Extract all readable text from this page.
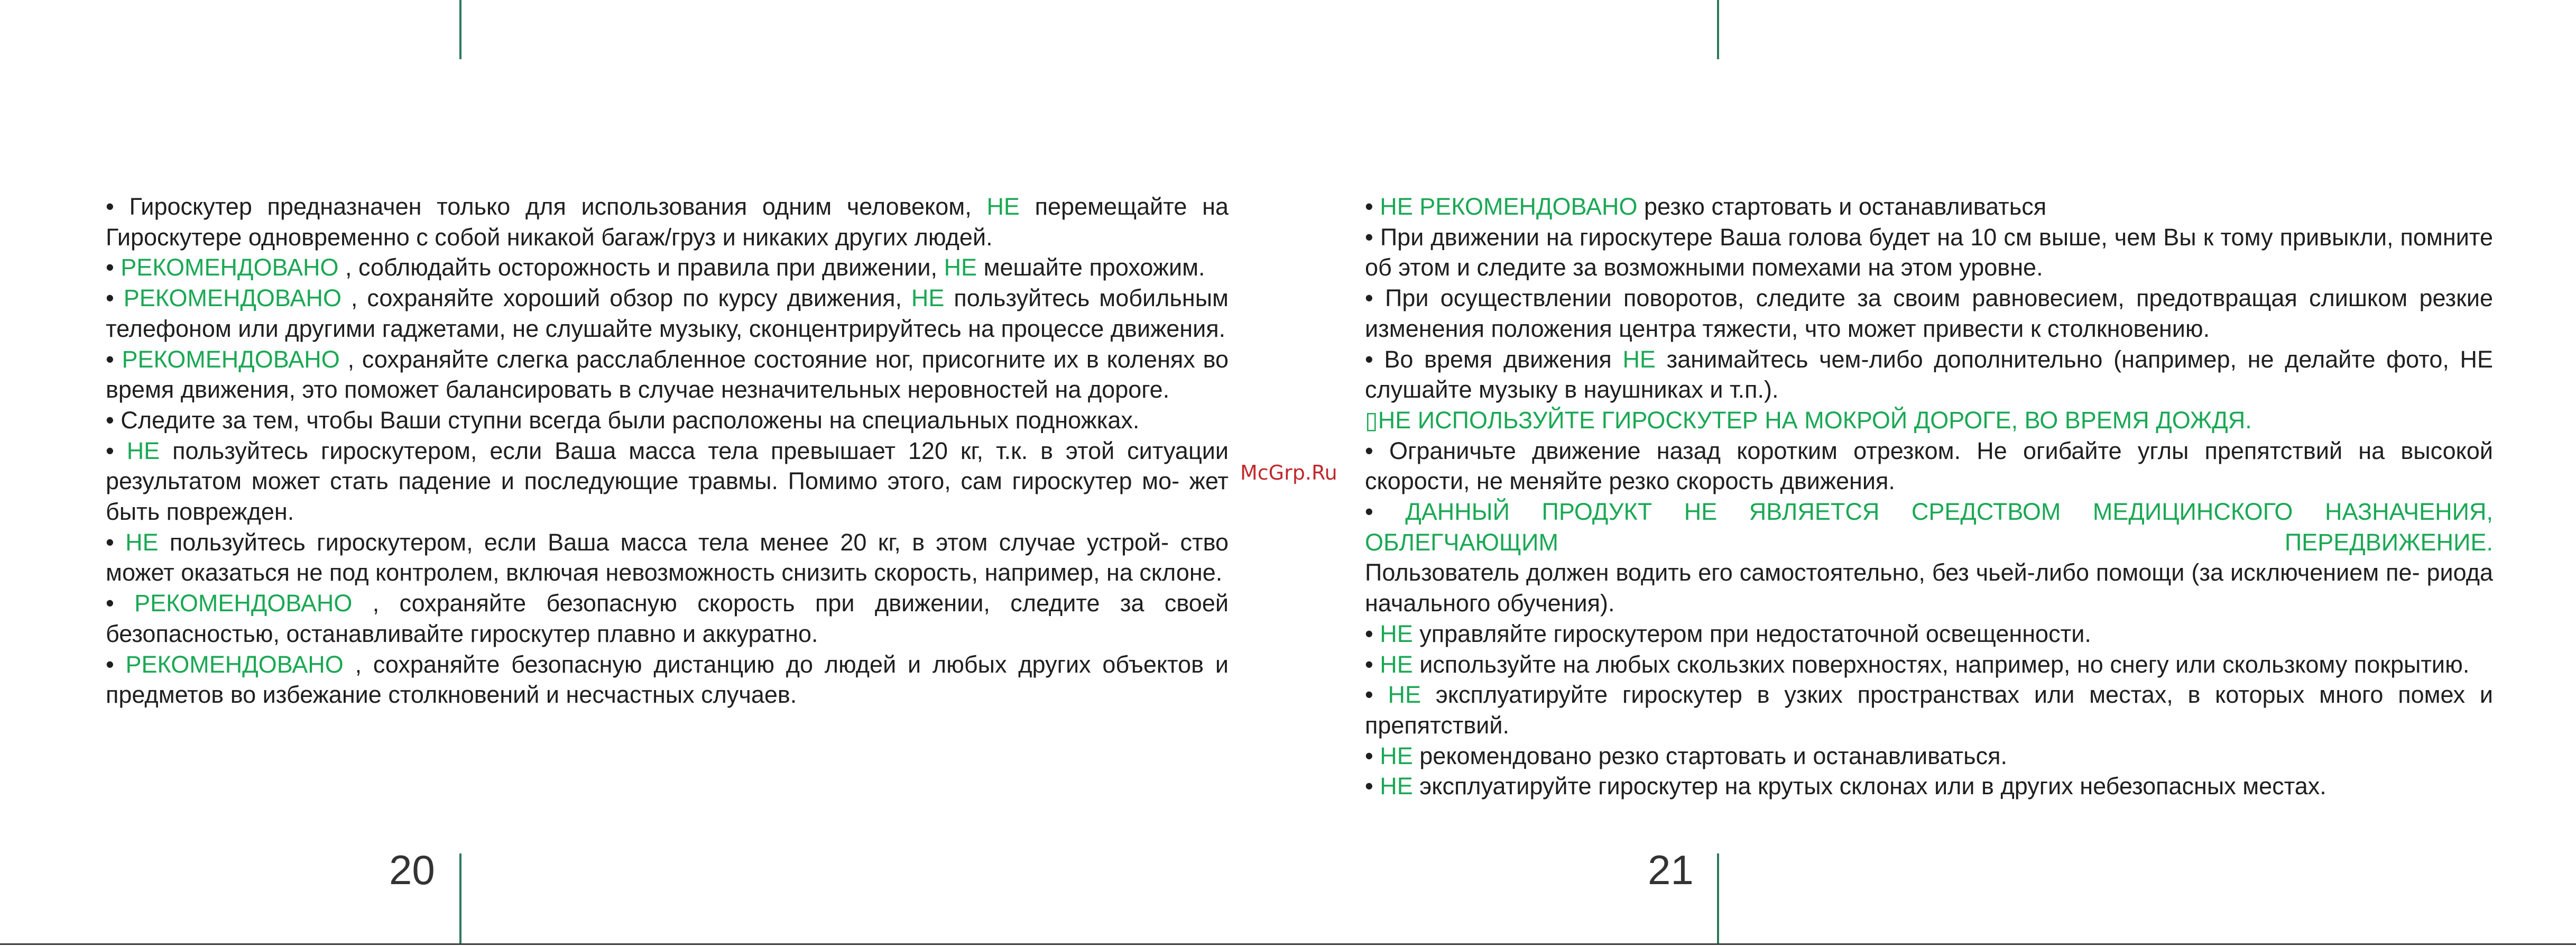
• Гироскутер предназначен только для использования одним человеком, НЕ перемещайте на Гироскутере одновременно с собой никакой багаж/груз и никаких других людей.

• РЕКОМЕНДОВАНО , соблюдайть осторожность и правила при движении, НЕ мешайте прохожим.

• РЕКОМЕНДОВАНО , сохраняйте хороший обзор по курсу движения, НЕ пользуйтесь мобильным телефоном или другими гаджетами, не слушайте музыку, сконцентрируйтесь на процессе движения.

• РЕКОМЕНДОВАНО , сохраняйте слегка расслабленное состояние ног, присогните их в коленях во время движения, это поможет балансировать в случае незначительных неровностей на дороге.

• Следите за тем, чтобы Ваши ступни всегда были расположены на специальных подножках.

• НЕ пользуйтесь гироскутером, если Ваша масса тела превышает 120 кг, т.к. в этой ситуации результатом может стать падение и последующие травмы. Помимо этого, сам гироскутер мо- жет быть поврежден.

• НЕ пользуйтесь гироскутером, если Ваша масса тела менее 20 кг, в этом случае устрой- ство может оказаться не под контролем, включая невозможность снизить скорость, например, на склоне.

• РЕКОМЕНДОВАНО , сохраняйте безопасную скорость при движении, следите за своей безопасностью, останавливайте гироскутер плавно и аккуратно.

• РЕКОМЕНДОВАНО , сохраняйте безопасную дистанцию до людей и любых других объектов и предметов во избежание столкновений и несчастных случаев.

20
McGrp.Ru

• НЕ РЕКОМЕНДОВАНО резко стартовать и останавливаться

• При движении на гироскутере Ваша голова будет на 10 см выше, чем Вы к тому привыкли, помните об этом и следите за возможными помехами на этом уровне.

• При осуществлении поворотов, следите за своим равновесием, предотвращая слишком резкие изменения положения центра тяжести, что может привести к столкновению.

• Во время движения НЕ занимайтесь чем-либо дополнительно (например, не делайте фото, НЕ слушайте музыку в наушниках и т.п.).

▯НЕ ИСПОЛЬЗУЙТЕ ГИРОСКУТЕР НА МОКРОЙ ДОРОГЕ, ВО ВРЕМЯ ДОЖДЯ.

• Ограничьте движение назад коротким отрезком. Не огибайте углы препятствий на высокой скорости, не меняйте резко скорость движения.

• ДАННЫЙ ПРОДУКТ НЕ ЯВЛЯЕТСЯ СРЕДСТВОМ МЕДИЦИНСКОГО НАЗНАЧЕНИЯ, ОБЛЕГЧАЮЩИМ ПЕРЕДВИЖЕНИЕ.

Пользователь должен водить его самостоятельно, без чьей-либо помощи (за исключением пе- риода начального обучения).

• НЕ управляйте гироскутером при недостаточной освещенности.

• НЕ используйте на любых скользких поверхностях, например, но снегу или скользкому покрытию.

• НЕ эксплуатируйте гироскутер в узких пространствах или местах, в которых много помех и препятствий.

• НЕ рекомендовано резко стартовать и останавливаться.

• НЕ эксплуатируйте гироскутер на крутых склонах или в других небезопасных местах.

21
